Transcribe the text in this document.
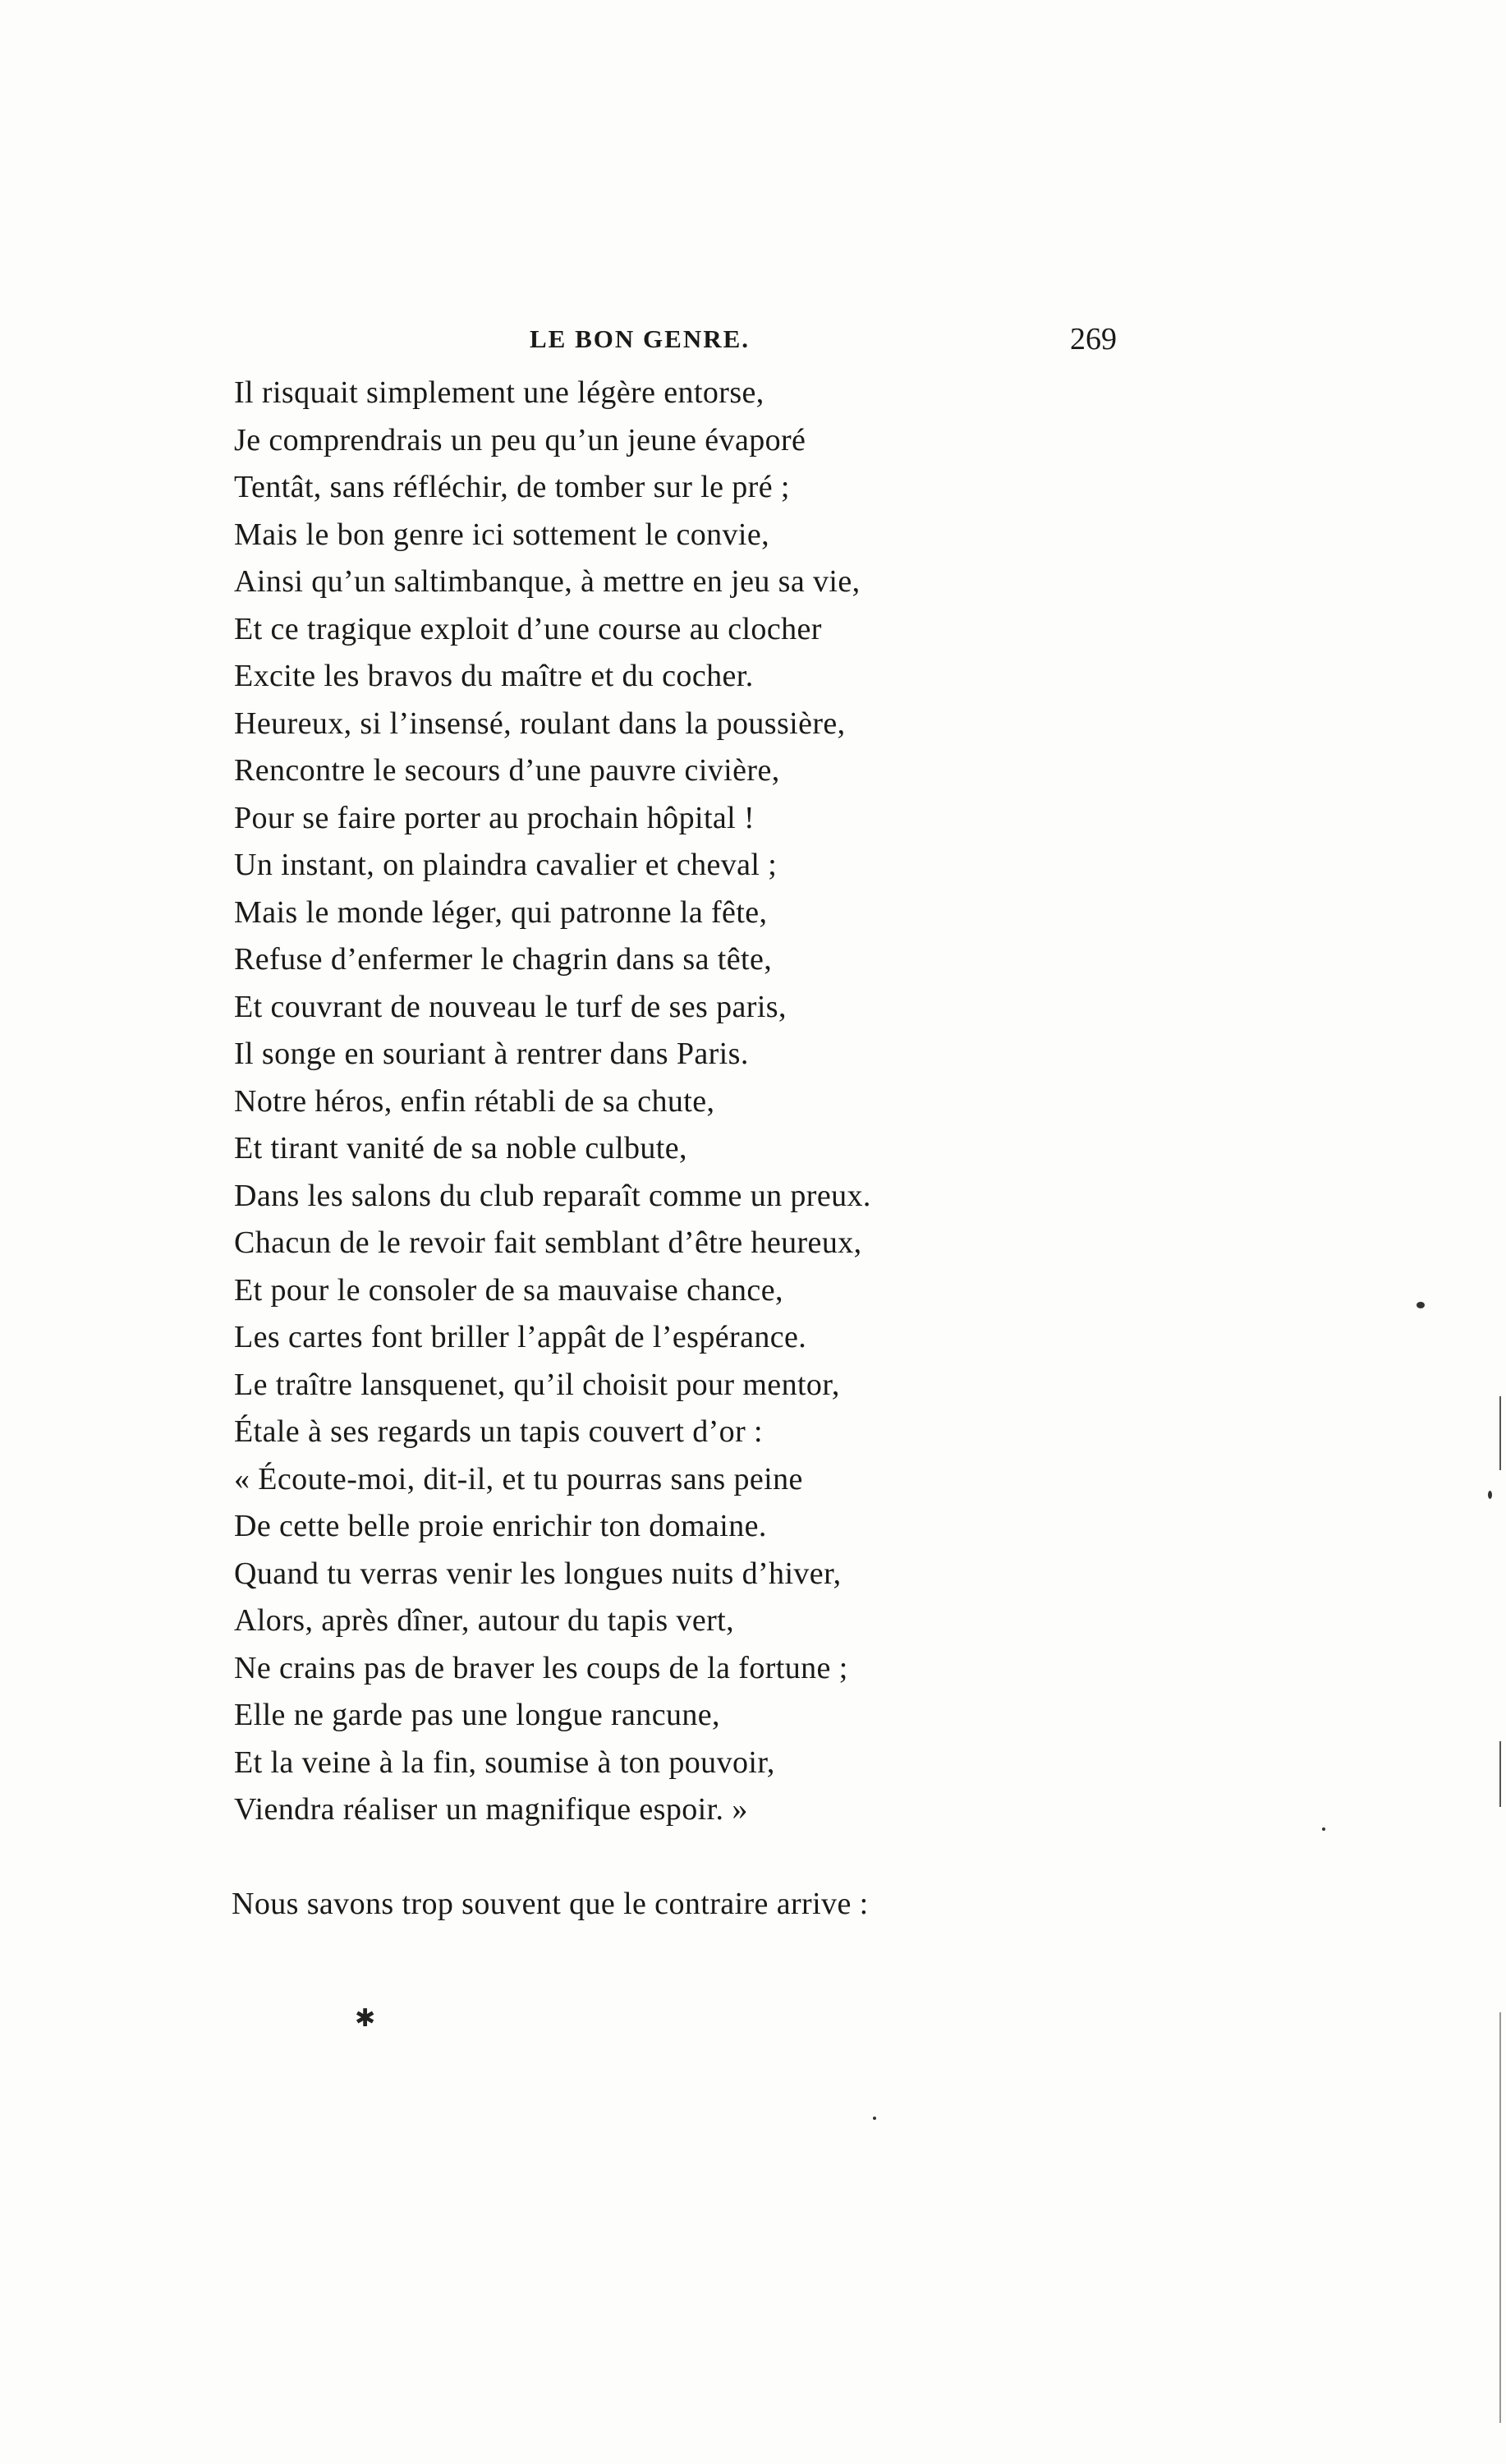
LE BON GENRE.	269
Il risquait simplement une légère entorse,
Je comprendrais un peu qu’un jeune évaporé
Tentât, sans réfléchir, de tomber sur le pré ;
Mais le bon genre ici sottement le convie,
Ainsi qu’un saltimbanque, à mettre en jeu sa vie,
Et ce tragique exploit d’une course au clocher
Excite les bravos du maître et du cocher.
Heureux, si l’insensé, roulant dans la poussière,
Rencontre le secours d’une pauvre civière,
Pour se faire porter au prochain hôpital !
Un instant, on plaindra cavalier et cheval ;
Mais le monde léger, qui patronne la fête,
Refuse d’enfermer le chagrin dans sa tête,
Et couvrant de nouveau le turf de ses paris,
Il songe en souriant à rentrer dans Paris.
Notre héros, enfin rétabli de sa chute,
Et tirant vanité de sa noble culbute,
Dans les salons du club reparaît comme un preux.
Chacun de le revoir fait semblant d’être heureux,
Et pour le consoler de sa mauvaise chance,
Les cartes font briller l’appât de l’espérance.
Le traître lansquenet, qu’il choisit pour mentor,
Étale à ses regards un tapis couvert d’or :
« Écoute-moi, dit-il, et tu pourras sans peine
De cette belle proie enrichir ton domaine.
Quand tu verras venir les longues nuits d’hiver,
Alors, après dîner, autour du tapis vert,
Ne crains pas de braver les coups de la fortune ;
Elle ne garde pas une longue rancune,
Et la veine à la fin, soumise à ton pouvoir,
Viendra réaliser un magnifique espoir. »
Nous savons trop souvent que le contraire arrive :
✱
